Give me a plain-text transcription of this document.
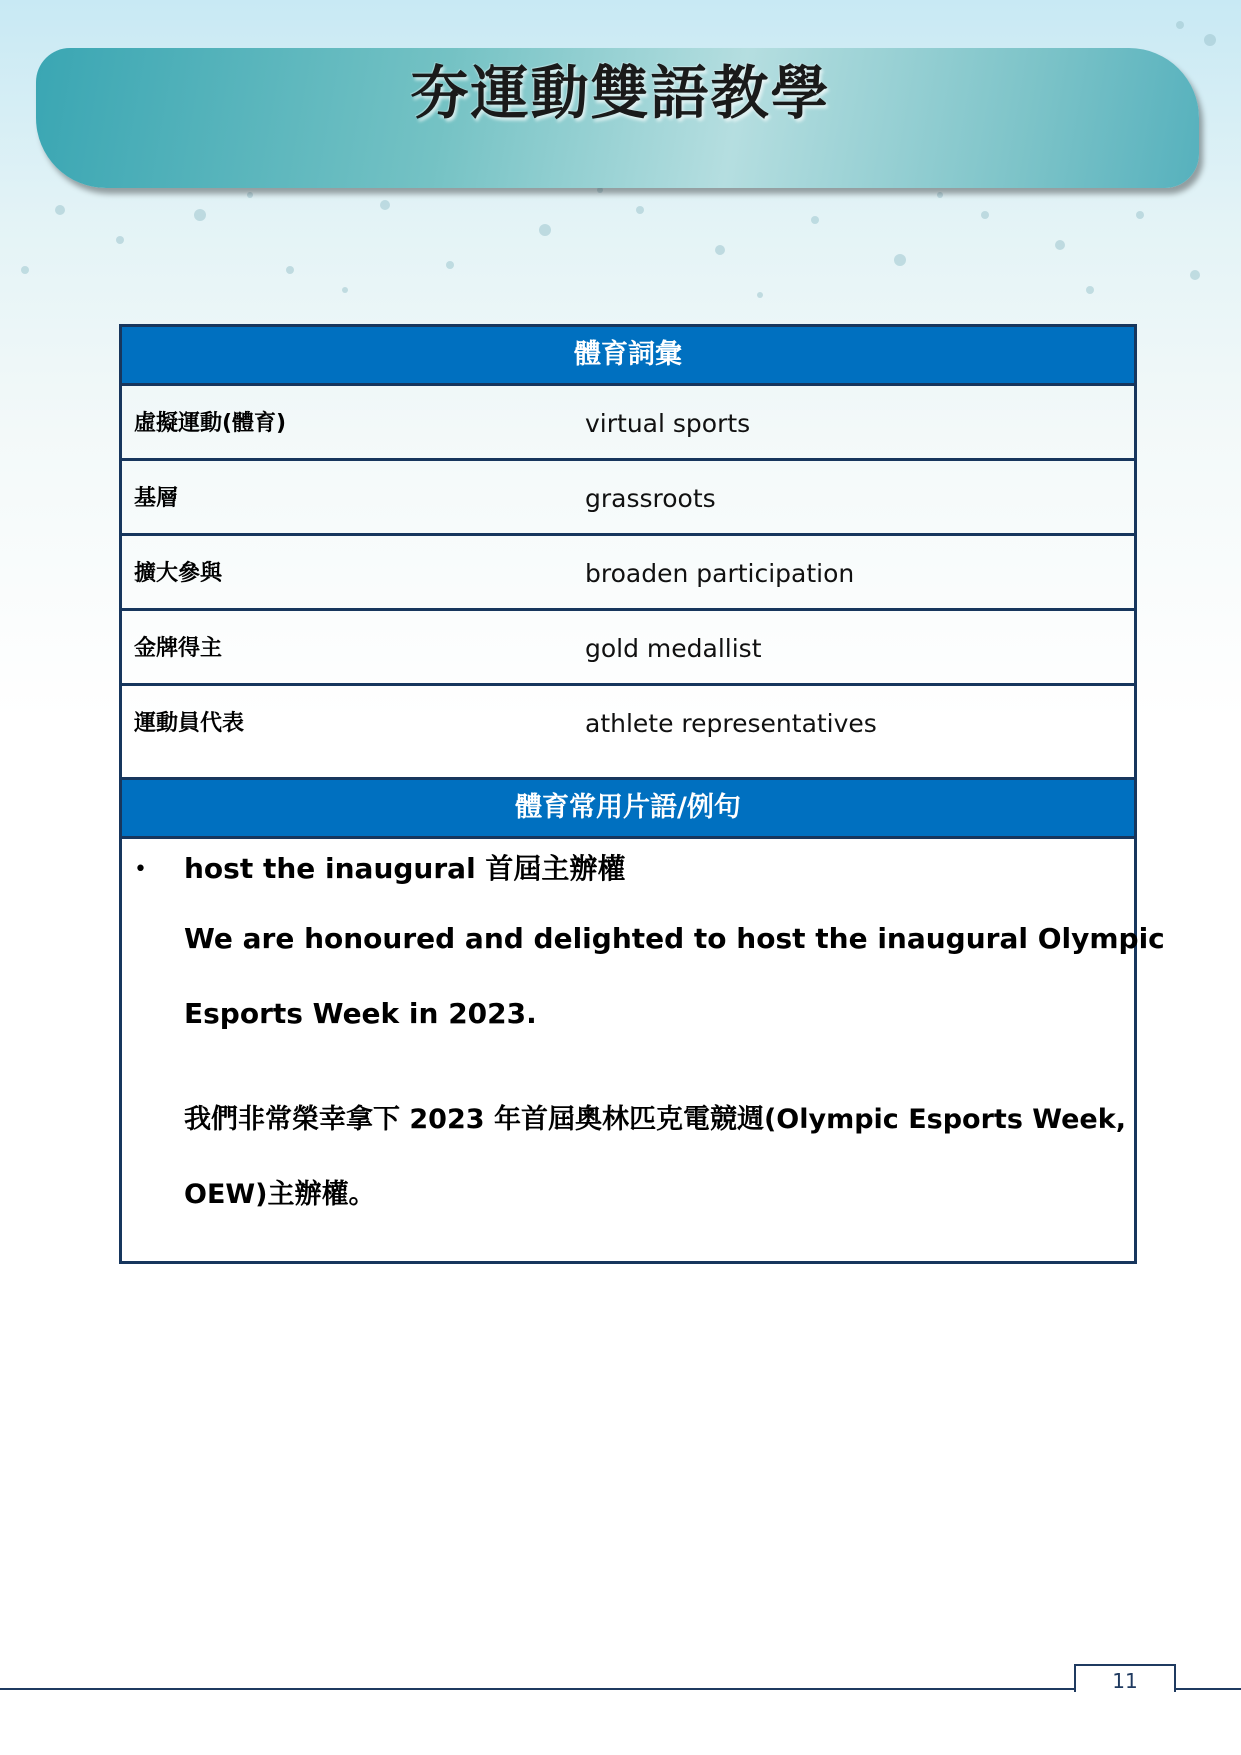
夯運動雙語教學
體育詞彙
虛擬運動(體育)	virtual sports
基層	grassroots
擴大參與	broaden participation
金牌得主	gold medallist
運動員代表	athlete representatives
體育常用片語/例句
• host the inaugural 首屆主辦權
We are honoured and delighted to host the inaugural Olympic
Esports Week in 2023.
我們非常榮幸拿下 2023 年首屆奧林匹克電競週(Olympic Esports Week,
OEW)主辦權。
11
